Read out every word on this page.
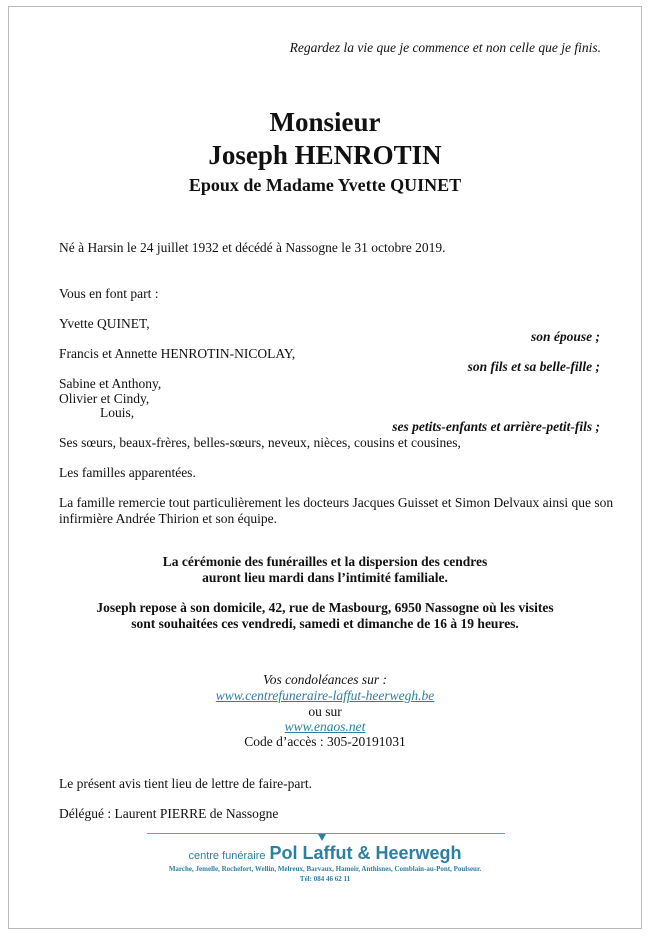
Regardez la vie que je commence et non celle que je finis.
Monsieur
Joseph HENROTIN
Epoux de Madame Yvette QUINET
Né à Harsin le 24 juillet 1932 et décédé à Nassogne le 31 octobre 2019.
Vous en font part :
Yvette QUINET,
son épouse ;
Francis et Annette HENROTIN-NICOLAY,
son fils et sa belle-fille ;
Sabine et Anthony,
Olivier et Cindy,
Louis,
ses petits-enfants et arrière-petit-fils ;
Ses sœurs, beaux-frères, belles-sœurs, neveux, nièces, cousins et cousines,
Les familles apparentées.
La famille remercie tout particulièrement les docteurs Jacques Guisset et Simon Delvaux ainsi que son
infirmière Andrée Thirion et son équipe.
La cérémonie des funérailles et la dispersion des cendres
auront lieu mardi dans l’intimité familiale.
Joseph repose à son domicile, 42, rue de Masbourg, 6950 Nassogne où les visites
sont souhaitées ces vendredi, samedi et dimanche de 16 à 19 heures.
Vos condoléances sur :
www.centrefuneraire-laffut-heerwegh.be
ou sur
www.enaos.net
Code d’accès : 305-20191031
Le présent avis tient lieu de lettre de faire-part.
Délégué : Laurent PIERRE de Nassogne
centre funéraire Pol Laffut & Heerwegh
Marche, Jemelle, Rochefort, Wellin, Melreux, Barvaux, Hamoir, Anthisnes, Comblain-au-Pont, Poulseur.
Tél: 084 46 62 11
